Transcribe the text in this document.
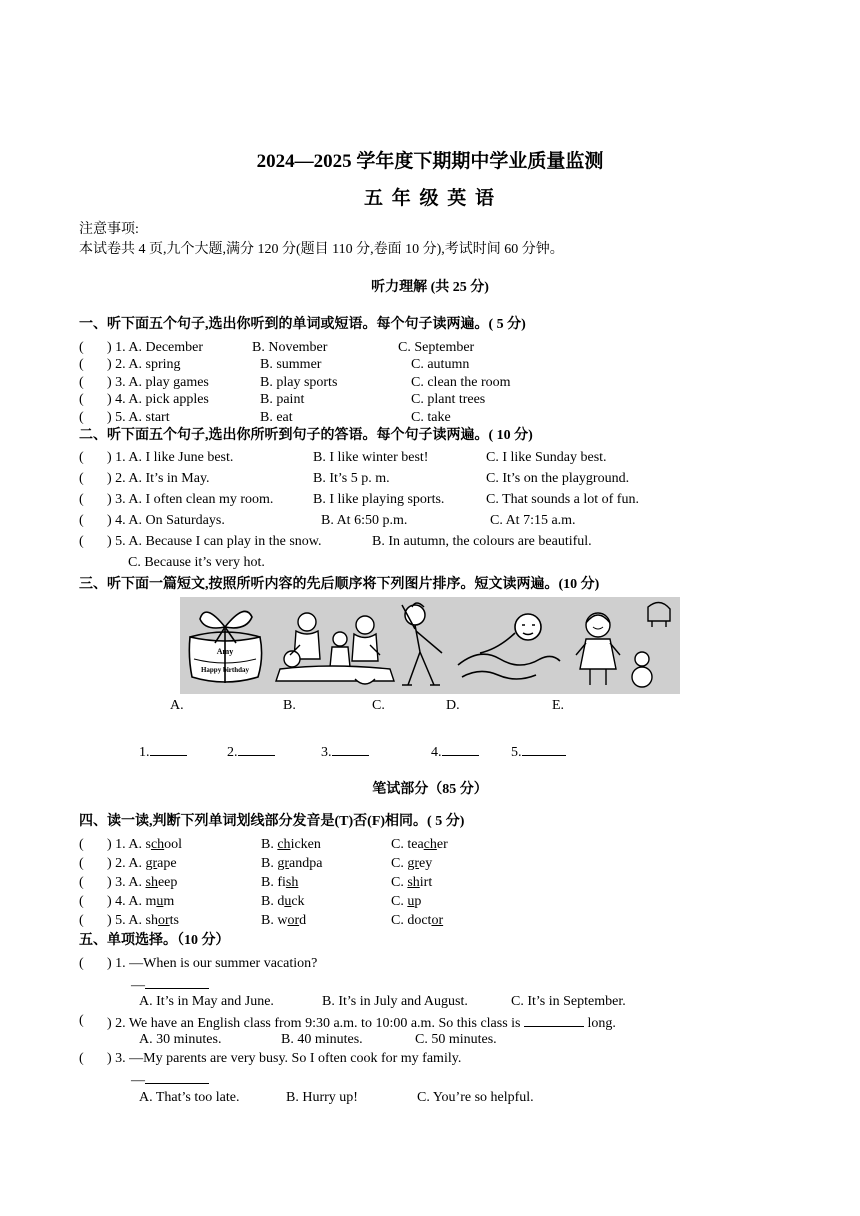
2024—2025 学年度下期期中学业质量监测
五 年 级 英 语
注意事项:
本试卷共 4 页,九个大题,满分 120 分(题目 110 分,卷面 10 分),考试时间 60 分钟。
听力理解 (共 25 分)
一、听下面五个句子,选出你听到的单词或短语。每个句子读两遍。( 5 分)
( ) 1. A. December	B. November	C. September
( ) 2. A. spring	B. summer	C. autumn
( ) 3. A. play games	B. play sports	C. clean the room
( ) 4. A. pick apples	B. paint	C. plant trees
( ) 5. A. start	B. eat	C. take
二、听下面五个句子,选出你所听到句子的答语。每个句子读两遍。( 10 分)
( ) 1. A. I like June best.	B. I like winter best!	C. I like Sunday best.
( ) 2. A. It’s in May.	B. It’s 5 p. m.	C. It’s on the playground.
( ) 3. A. I often clean my room.	B. I like playing sports.	C. That sounds a lot of fun.
( ) 4. A. On Saturdays.	B. At 6:50 p.m.	C. At 7:15 a.m.
( ) 5. A. Because I can play in the snow.	B. In autumn, the colours are beautiful.
C. Because it’s very hot.
三、听下面一篇短文,按照所听内容的先后顺序将下列图片排序。短文读两遍。(10 分)
Amy
Happy birthday
A.	B.	C.	D.	E.
1.	2.	3.	4.	5.
笔试部分（85 分）
四、读一读,判断下列单词划线部分发音是(T)否(F)相同。( 5 分)
( ) 1. A. school	B. chicken	C. teacher
( ) 2. A. grape	B. grandpa	C. grey
( ) 3. A. sheep	B. fish	C. shirt
( ) 4. A. mum	B. duck	C. up
( ) 5. A. shorts	B. word	C. doctor
五、单项选择。（10 分）
( ) 1. —When is our summer vacation?
—
A. It’s in May and June.	B. It’s in July and August.	C. It’s in September.
( ) 2. We have an English class from 9:30 a.m. to 10:00 a.m. So this class is	long.
A. 30 minutes.	B. 40 minutes.	C. 50 minutes.
( ) 3. —My parents are very busy. So I often cook for my family.
—
A. That’s too late.	B. Hurry up!	C. You’re so helpful.
